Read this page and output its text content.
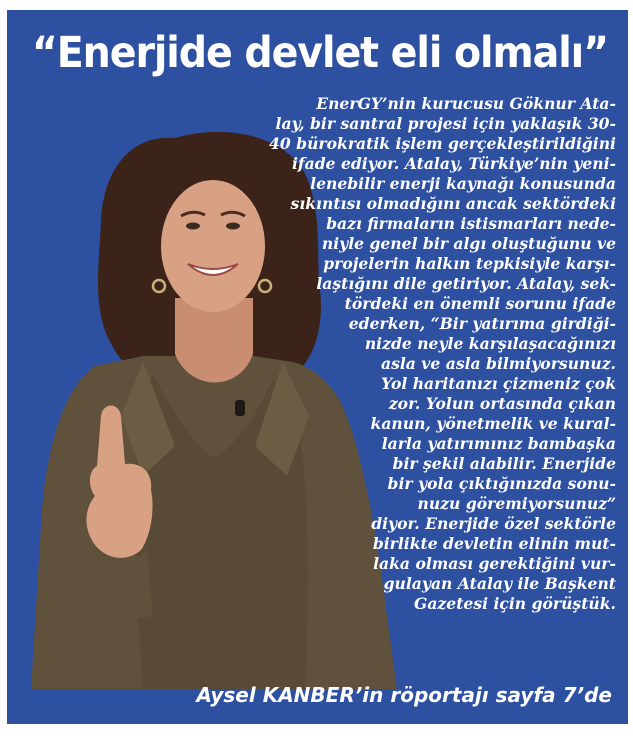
“Enerjide devlet eli olmalı”

EnerGY’nin kurucusu Göknur Ata-
lay, bir santral projesi için yaklaşık 30-
40 bürokratik işlem gerçekleştirildiğini
ifade ediyor. Atalay, Türkiye’nin yeni-
lenebilir enerji kaynağı konusunda
sıkıntısı olmadığını ancak sektördeki
bazı firmaların istismarları nede-
niyle genel bir algı oluştuğunu ve
projelerin halkın tepkisiyle karşı-
laştığını dile getiriyor. Atalay, sek-
tördeki en önemli sorunu ifade
ederken, “Bir yatırıma girdiği-
nizde neyle karşılaşacağınızı
asla ve asla bilmiyorsunuz.
Yol haritanızı çizmeniz çok
zor. Yolun ortasında çıkan
kanun, yönetmelik ve kural-
larla yatırımınız bambaşka
bir şekil alabilir. Enerjide
bir yola çıktığınızda sonu-
nuzu göremiyorsunuz”
diyor. Enerjide özel sektörle
birlikte devletin elinin mut-
laka olması gerektiğini vur-
gulayan Atalay ile Başkent
Gazetesi için görüştük.

Aysel KANBER’in röportajı sayfa 7’de
